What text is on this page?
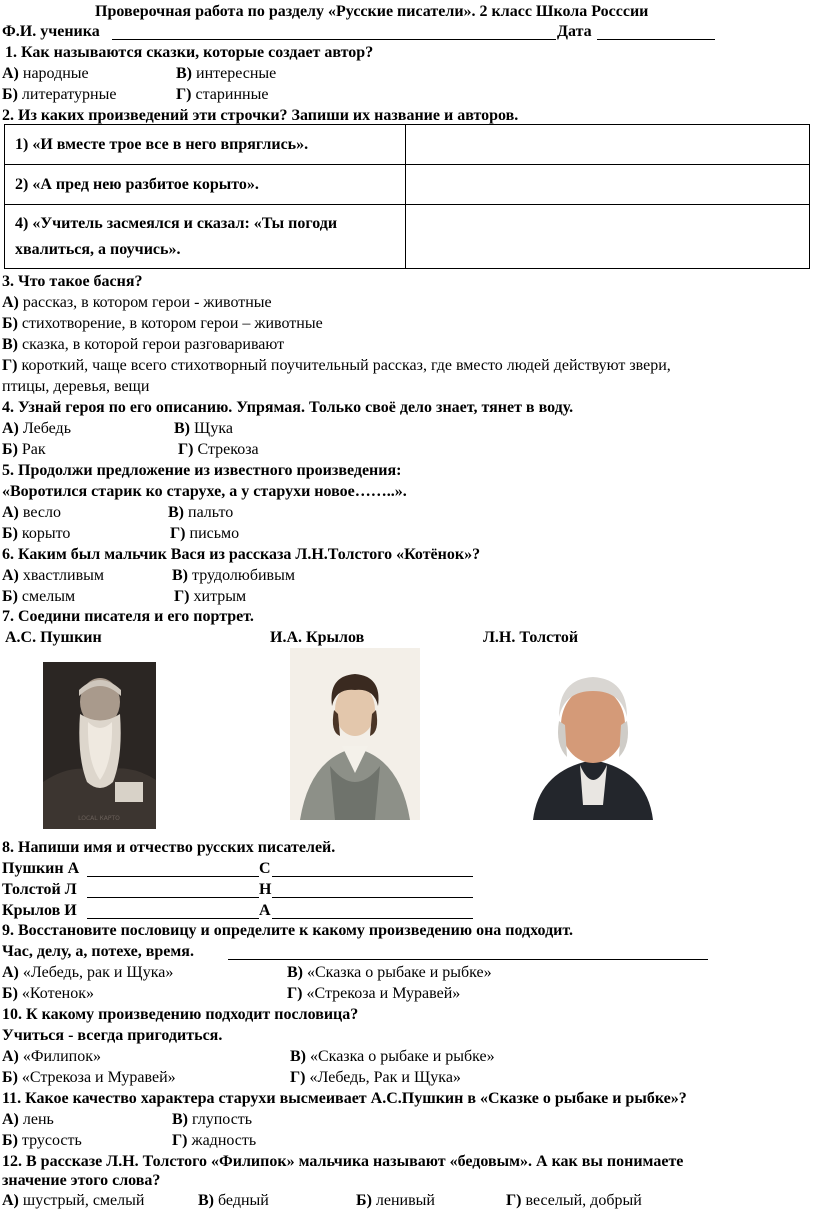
Проверочная работа по разделу «Русские писатели». 2 класс Школа Росссии
Ф.И. ученика	Дата
1. Как называются сказки, которые создает автор?
А) народные	В) интересные
Б) литературные	Г) старинные
2. Из каких произведений эти строчки? Запиши их название и авторов.
1) «И вместе трое все в него впряглись».	
2) «А пред нею разбитое корыто».	
4) «Учитель засмеялся и сказал: «Ты погоди
хвалиться, а поучись».	
3. Что такое басня?
А) рассказ, в котором герои - животные
Б) стихотворение, в котором герои – животные
В) сказка, в которой герои разговаривают
Г) короткий, чаще всего стихотворный поучительный рассказ, где вместо людей действуют звери,
птицы, деревья, вещи
4. Узнай героя по его описанию. Упрямая. Только своё дело знает, тянет в воду.
А) Лебедь	В) Щука
Б) Рак	Г) Стрекоза
5. Продолжи предложение из известного произведения:
«Воротился старик ко старухе, а у старухи новое……..».
А) весло	В) пальто
Б) корыто	Г) письмо
6. Каким был мальчик Вася из рассказа Л.Н.Толстого «Котёнок»?
А) хвастливым	В) трудолюбивым
Б) смелым	Г) хитрым
7. Соедини писателя и его портрет.
А.С. Пушкин	И.А. Крылов	Л.Н. Толстой
LOCAL КАРТО
8. Напиши имя и отчество русских писателей.
Пушкин А	С
Толстой Л	Н
Крылов И	А
9. Восстановите пословицу и определите к какому произведению она подходит.
Час, делу, а, потехе, время.
А) «Лебедь, рак и Щука»	В) «Сказка о рыбаке и рыбке»
Б) «Котенок»	Г) «Стрекоза и Муравей»
10. К какому произведению подходит пословица?
Учиться - всегда пригодиться.
А) «Филипок»	В) «Сказка о рыбаке и рыбке»
Б) «Стрекоза и Муравей»	Г) «Лебедь, Рак и Щука»
11. Какое качество характера старухи высмеивает А.С.Пушкин в «Сказке о рыбаке и рыбке»?
А) лень	В) глупость
Б) трусость	Г) жадность
12. В рассказе Л.Н. Толстого «Филипок» мальчика называют «бедовым». А как вы понимаете
значение этого слова?
А) шустрый, смелый	В) бедный	Б) ленивый	Г) веселый, добрый
